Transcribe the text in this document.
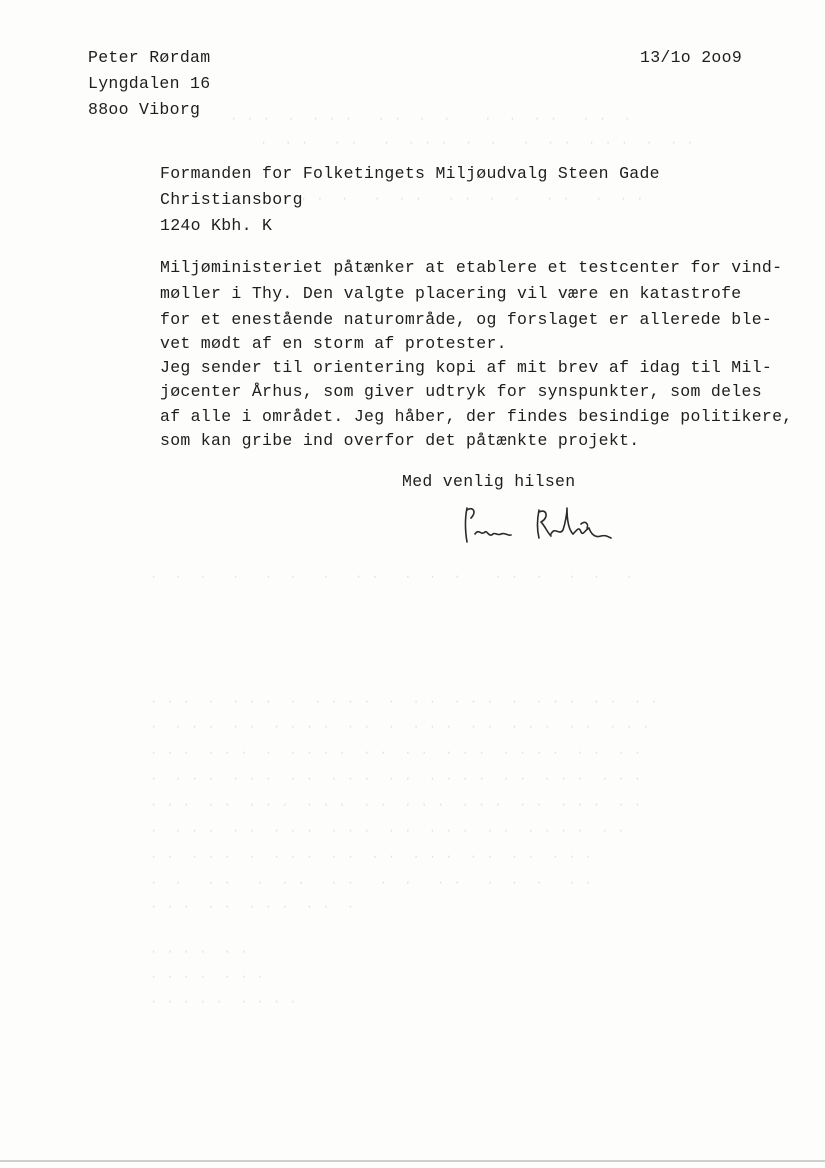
Peter Rørdam
Lyngdalen 16
88oo Viborg
13/1o 2oo9
Formanden for Folketingets Miljøudvalg Steen Gade
Christiansborg
124o Kbh. K
Miljøministeriet påtænker at etablere et testcenter for vind-
møller i Thy. Den valgte placering vil være en katastrofe
for et enestående naturområde, og forslaget er allerede ble-
vet mødt af en storm af protester.
Jeg sender til orientering kopi af mit brev af idag til Mil-
jøcenter Århus, som giver udtryk for synspunkter, som deles
af alle i området. Jeg håber, der findes besindige politikere,
som kan gribe ind overfor det påtænkte projekt.
Med venlig hilsen
· · ·  ·  · · ·   · ·  ·  ·    ·  ·  · ·   · ·  ·
·  · ·   · ·   ·  · · ·  ·  ·   ·  · ·  · · ·  ·  · ·
· ·  ·   ·  · ·   · ·  ·  ·   · ·   ·  · ·
·  ·  ·   ·   ·  ·   ·   · ·   ·  ·  ·    · ·  ·   ·  ·   ·
· · ·  ·  · · ·  ·  · · · ·  ·  · ·  · · ·  ·  · · ·  · ·  · ·
·  · · ·  · ·  · · · ·  · ·  ·  · · ·  · ·  · · ·  · ·  · · ·
· · ·  · · ·  ·  · · · ·  · ·  · ·  · · ·  · · · ·  · ·  · ·
·  · · ·  · · ·  · ·  · · ·  · ·  · · · ·  · ·  · · ·  · · ·
· · ·  · ·  · · ·  · · ·  · ·  · · ·  · · ·  · ·  · · ·  · ·
·  · · ·  · ·  · · ·  · · ·  · ·  · · ·  · ·  · · · ·  · ·
· ·  · · ·  ·  · · ·  · ·  · ·  · · ·  · ·  · ·  · · ·
·  ·   · ·   ·  · ·   · ·   ·  ·   · ·   ·  ·  ·   · ·
· · ·  · ·  · · ·  · ·  ·
· · · ·  · ·
· · · ·  · · ·
· · · · ·  · · · ·
